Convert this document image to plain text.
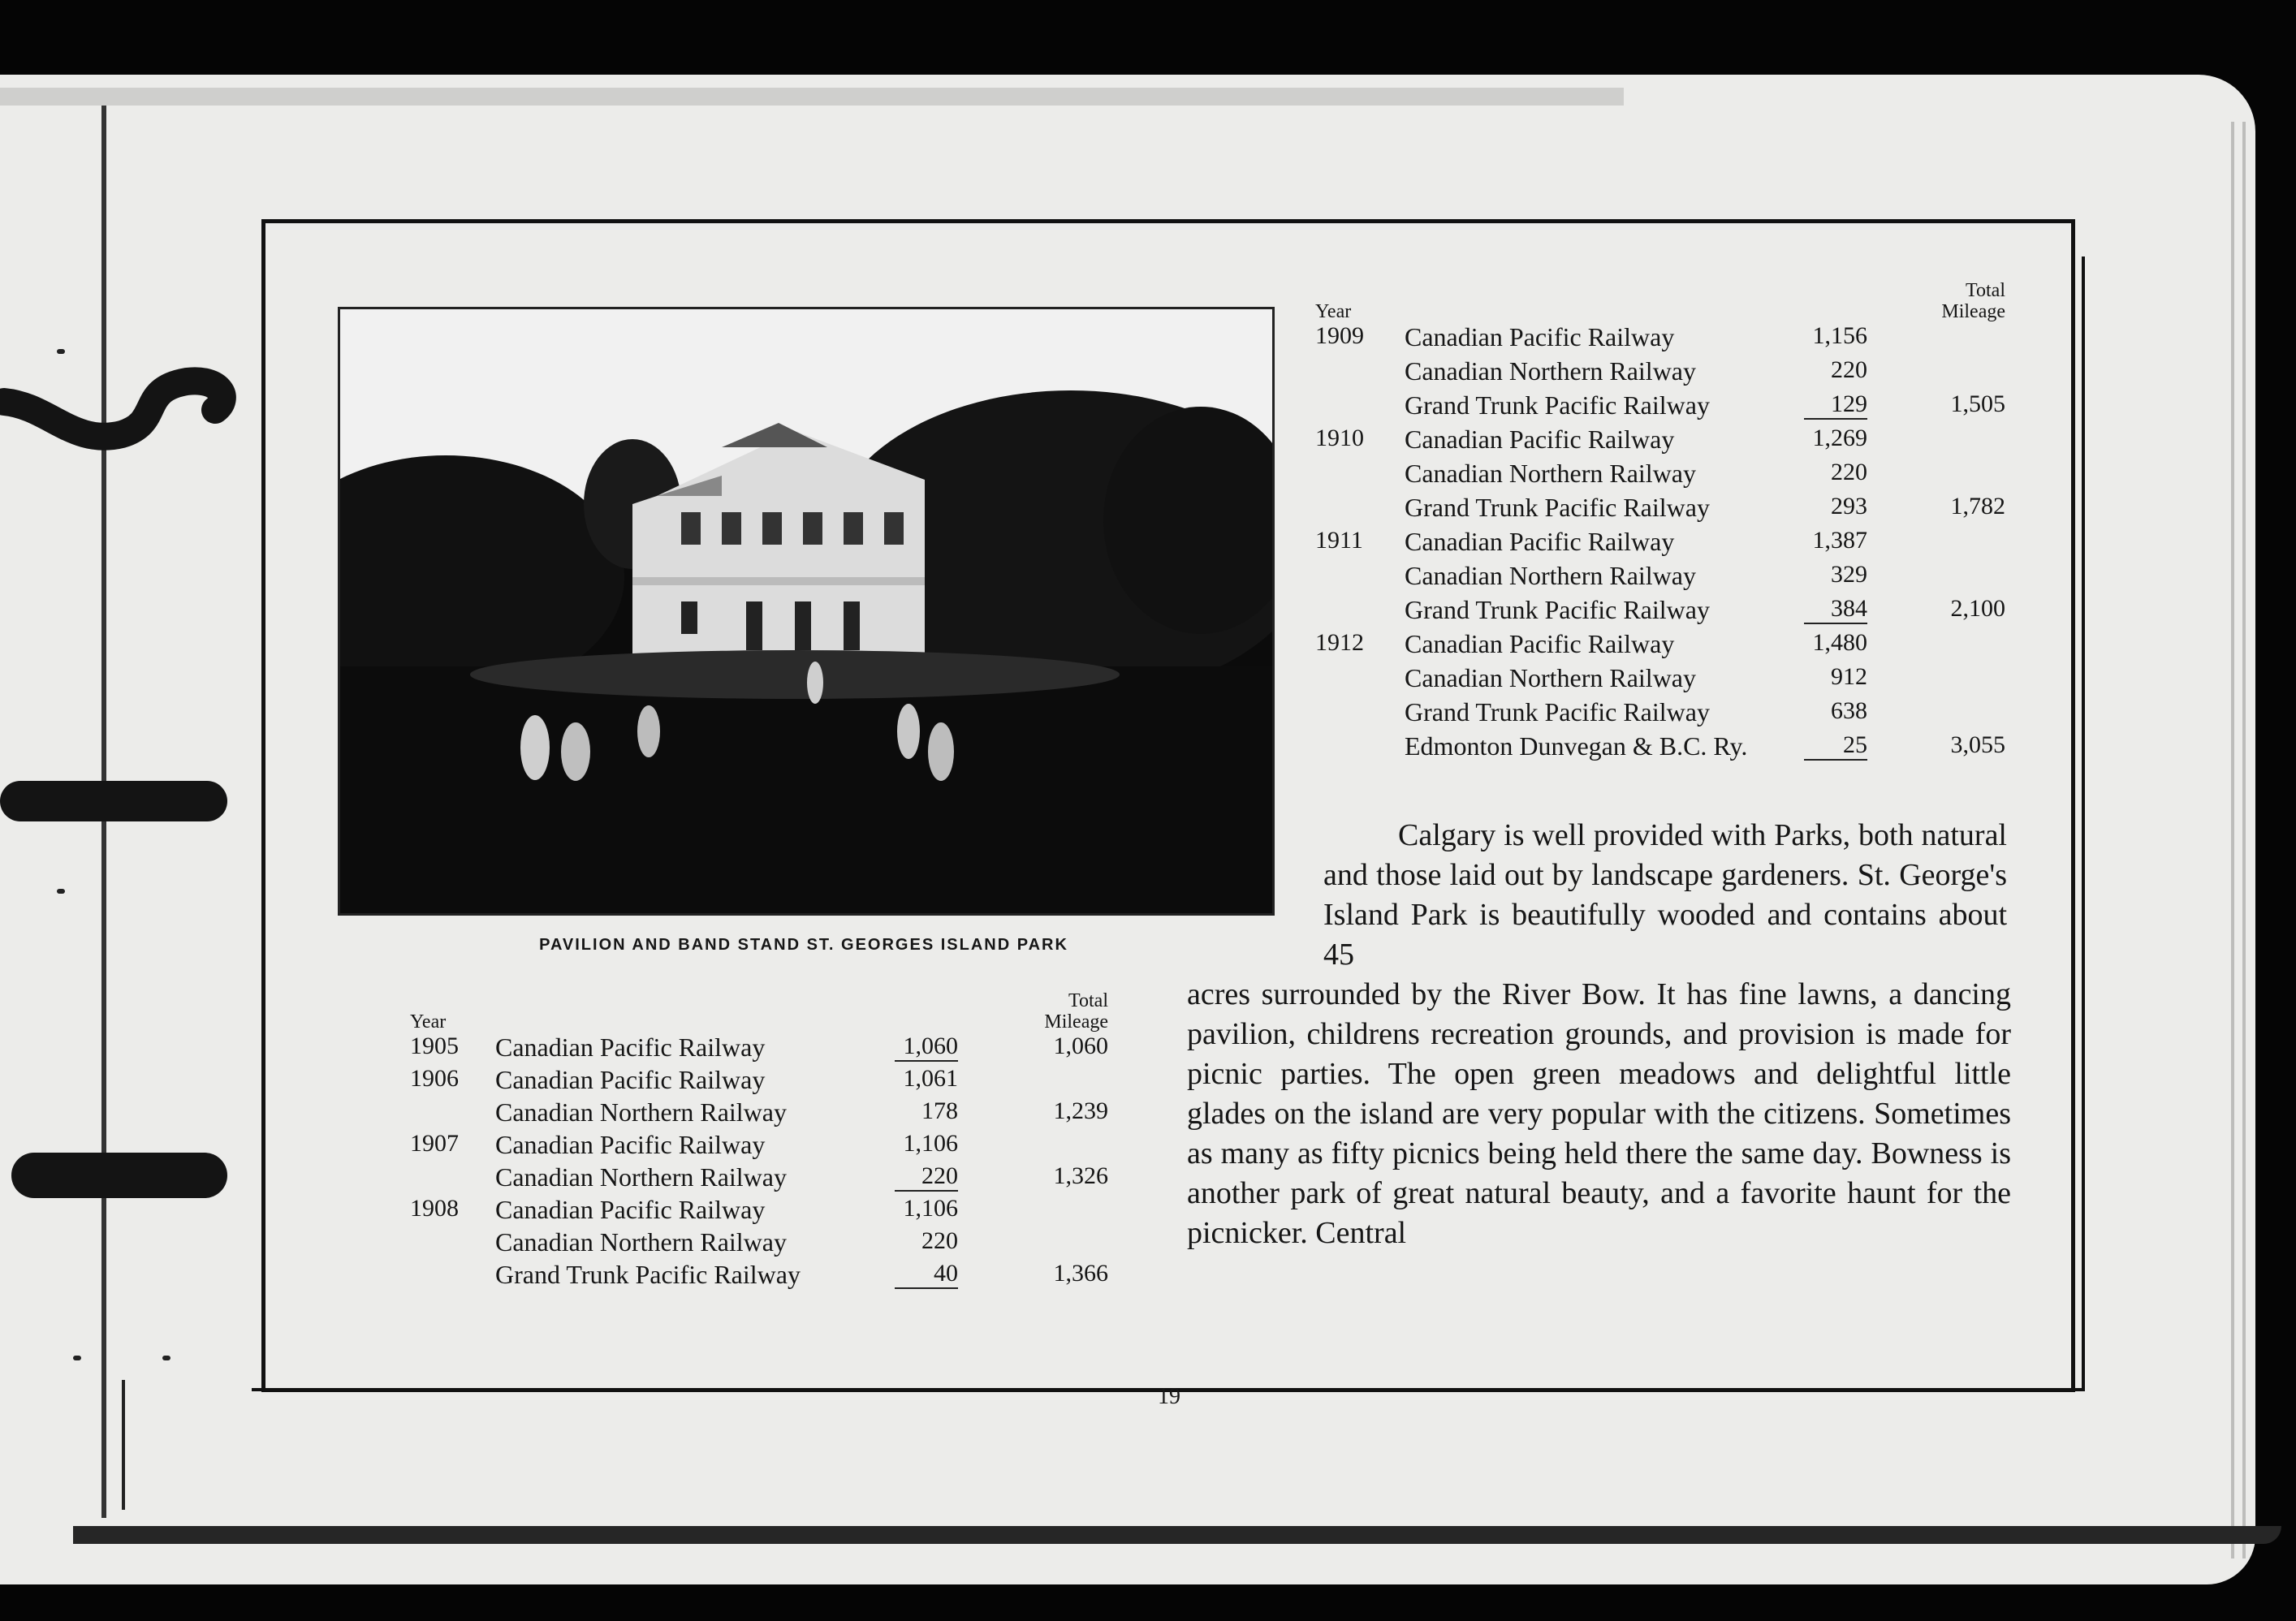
PAVILION AND BAND STAND ST. GEORGES ISLAND PARK
Year			Total
Mileage
1905	Canadian Pacific Railway	1,060	1,060
1906	Canadian Pacific Railway	1,061	
	Canadian Northern Railway	178	1,239
1907	Canadian Pacific Railway	1,106	
	Canadian Northern Railway	220	1,326
1908	Canadian Pacific Railway	1,106	
	Canadian Northern Railway	220	
	Grand Trunk Pacific Railway	40	1,366
Year			Total
Mileage
1909	Canadian Pacific Railway	1,156	
	Canadian Northern Railway	220	
	Grand Trunk Pacific Railway	129	1,505
1910	Canadian Pacific Railway	1,269	
	Canadian Northern Railway	220	
	Grand Trunk Pacific Railway	293	1,782
1911	Canadian Pacific Railway	1,387	
	Canadian Northern Railway	329	
	Grand Trunk Pacific Railway	384	2,100
1912	Canadian Pacific Railway	1,480	
	Canadian Northern Railway	912	
	Grand Trunk Pacific Railway	638	
	Edmonton Dunvegan & B.C. Ry.	25	3,055
Calgary is well provided with Parks, both natural and those laid out by landscape gardeners. St. George's Island Park is beautifully wooded and contains about 45
acres surrounded by the River Bow. It has fine lawns, a dancing pavilion, childrens recreation grounds, and provision is made for picnic parties. The open green meadows and delightful little glades on the island are very popular with the citizens. Sometimes as many as fifty picnics being held there the same day. Bowness is another park of great natural beauty, and a favorite haunt for the picnicker. Central
19
